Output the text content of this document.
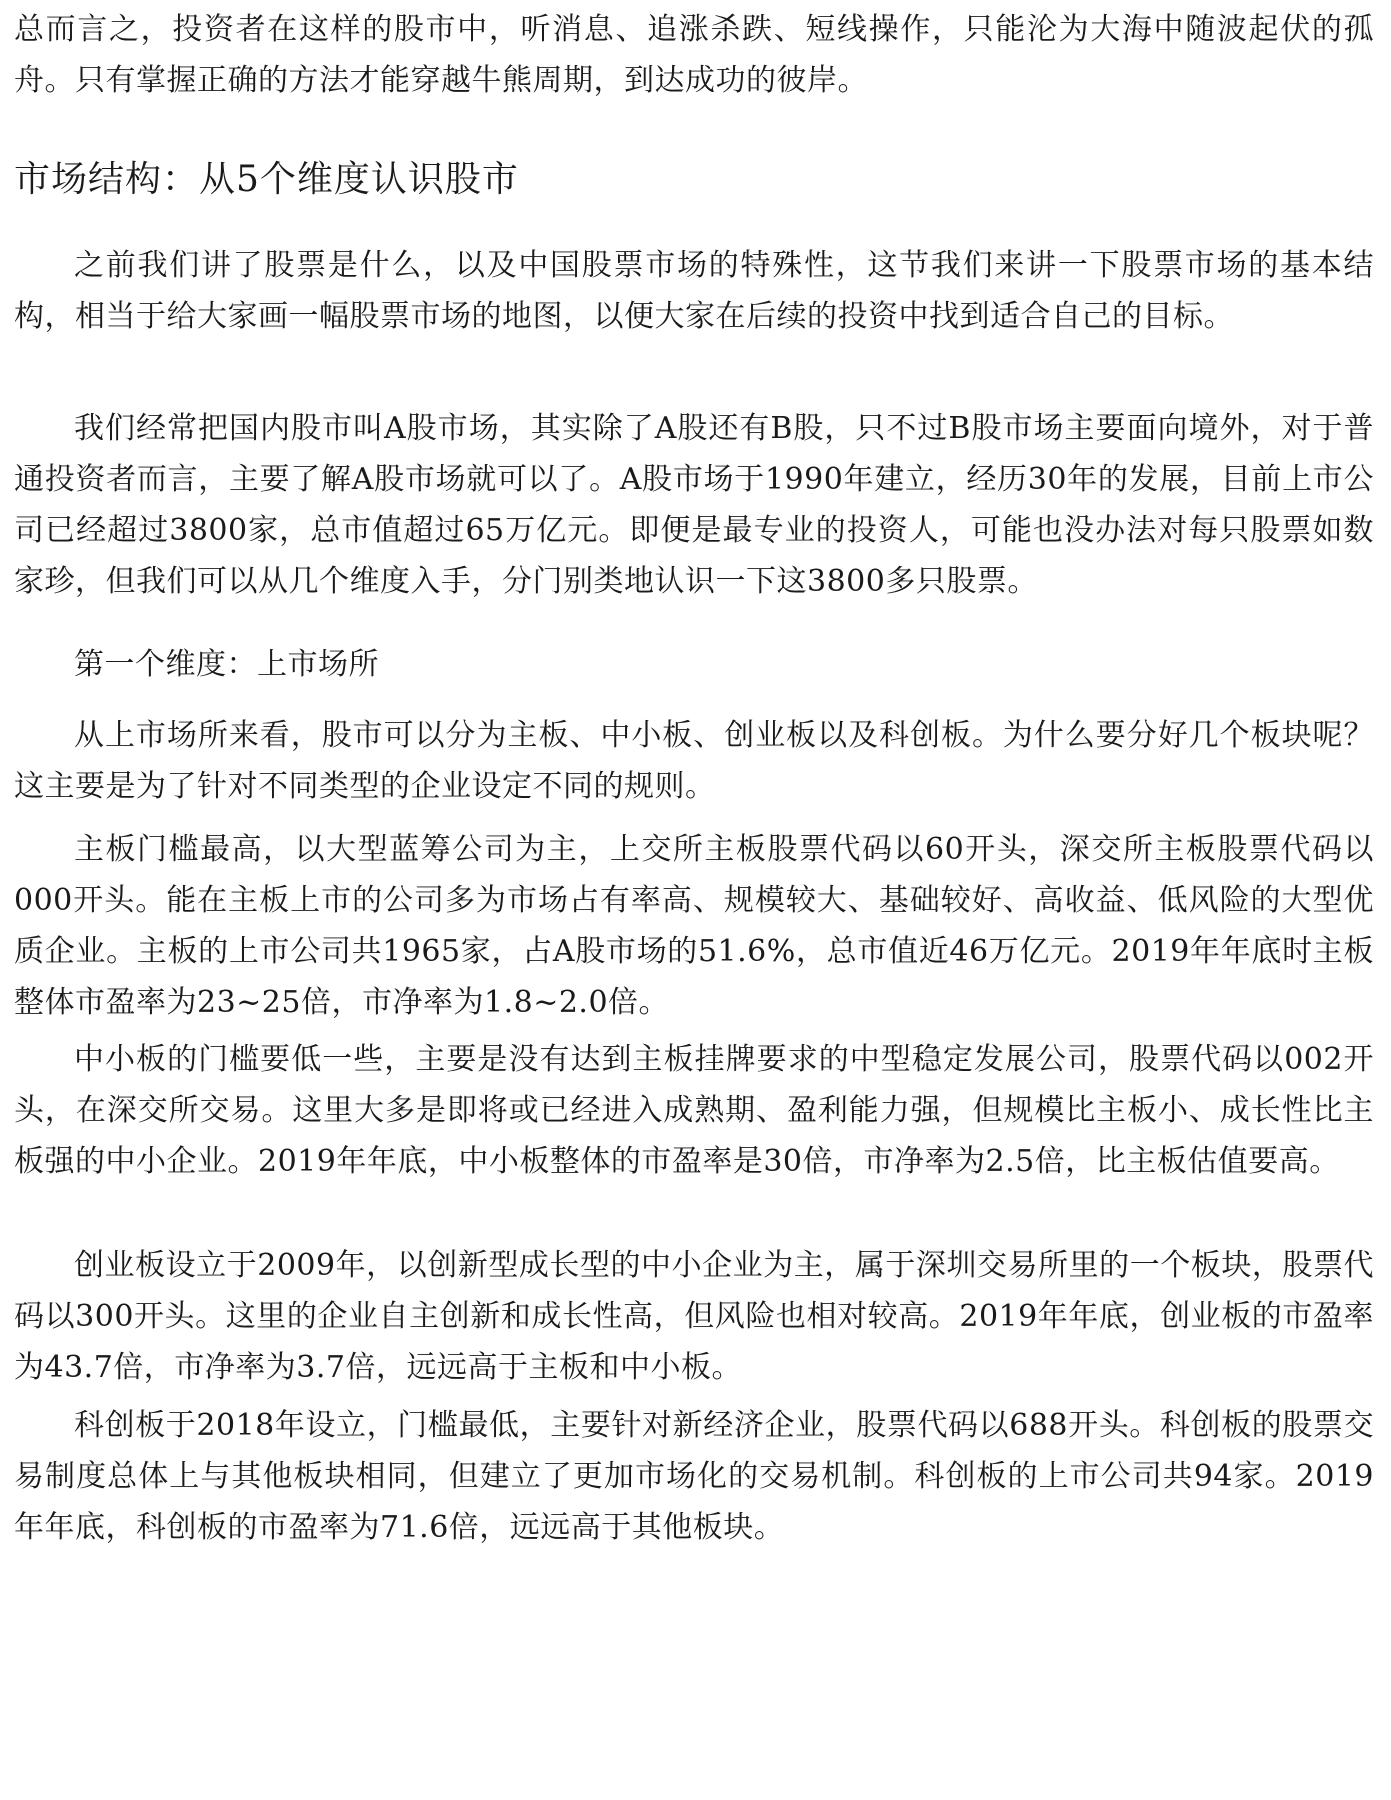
总而言之，投资者在这样的股市中，听消息、追涨杀跌、短线操作，只能沦为大海中随波起伏的孤舟。只有掌握正确的方法才能穿越牛熊周期，到达成功的彼岸。

市场结构：从5个维度认识股市

之前我们讲了股票是什么，以及中国股票市场的特殊性，这节我们来讲一下股票市场的基本结构，相当于给大家画一幅股票市场的地图，以便大家在后续的投资中找到适合自己的目标。

我们经常把国内股市叫A股市场，其实除了A股还有B股，只不过B股市场主要面向境外，对于普通投资者而言，主要了解A股市场就可以了。A股市场于1990年建立，经历30年的发展，目前上市公司已经超过3800家，总市值超过65万亿元。即便是最专业的投资人，可能也没办法对每只股票如数家珍，但我们可以从几个维度入手，分门别类地认识一下这3800多只股票。

第一个维度：上市场所

从上市场所来看，股市可以分为主板、中小板、创业板以及科创板。为什么要分好几个板块呢？这主要是为了针对不同类型的企业设定不同的规则。

主板门槛最高，以大型蓝筹公司为主，上交所主板股票代码以60开头，深交所主板股票代码以000开头。能在主板上市的公司多为市场占有率高、规模较大、基础较好、高收益、低风险的大型优质企业。主板的上市公司共1965家，占A股市场的51.6%，总市值近46万亿元。2019年年底时主板整体市盈率为23~25倍，市净率为1.8~2.0倍。

中小板的门槛要低一些，主要是没有达到主板挂牌要求的中型稳定发展公司，股票代码以002开头，在深交所交易。这里大多是即将或已经进入成熟期、盈利能力强，但规模比主板小、成长性比主板强的中小企业。2019年年底，中小板整体的市盈率是30倍，市净率为2.5倍，比主板估值要高。

创业板设立于2009年，以创新型成长型的中小企业为主，属于深圳交易所里的一个板块，股票代码以300开头。这里的企业自主创新和成长性高，但风险也相对较高。2019年年底，创业板的市盈率为43.7倍，市净率为3.7倍，远远高于主板和中小板。

科创板于2018年设立，门槛最低，主要针对新经济企业，股票代码以688开头。科创板的股票交易制度总体上与其他板块相同，但建立了更加市场化的交易机制。科创板的上市公司共94家。2019年年底，科创板的市盈率为71.6倍，远远高于其他板块。
